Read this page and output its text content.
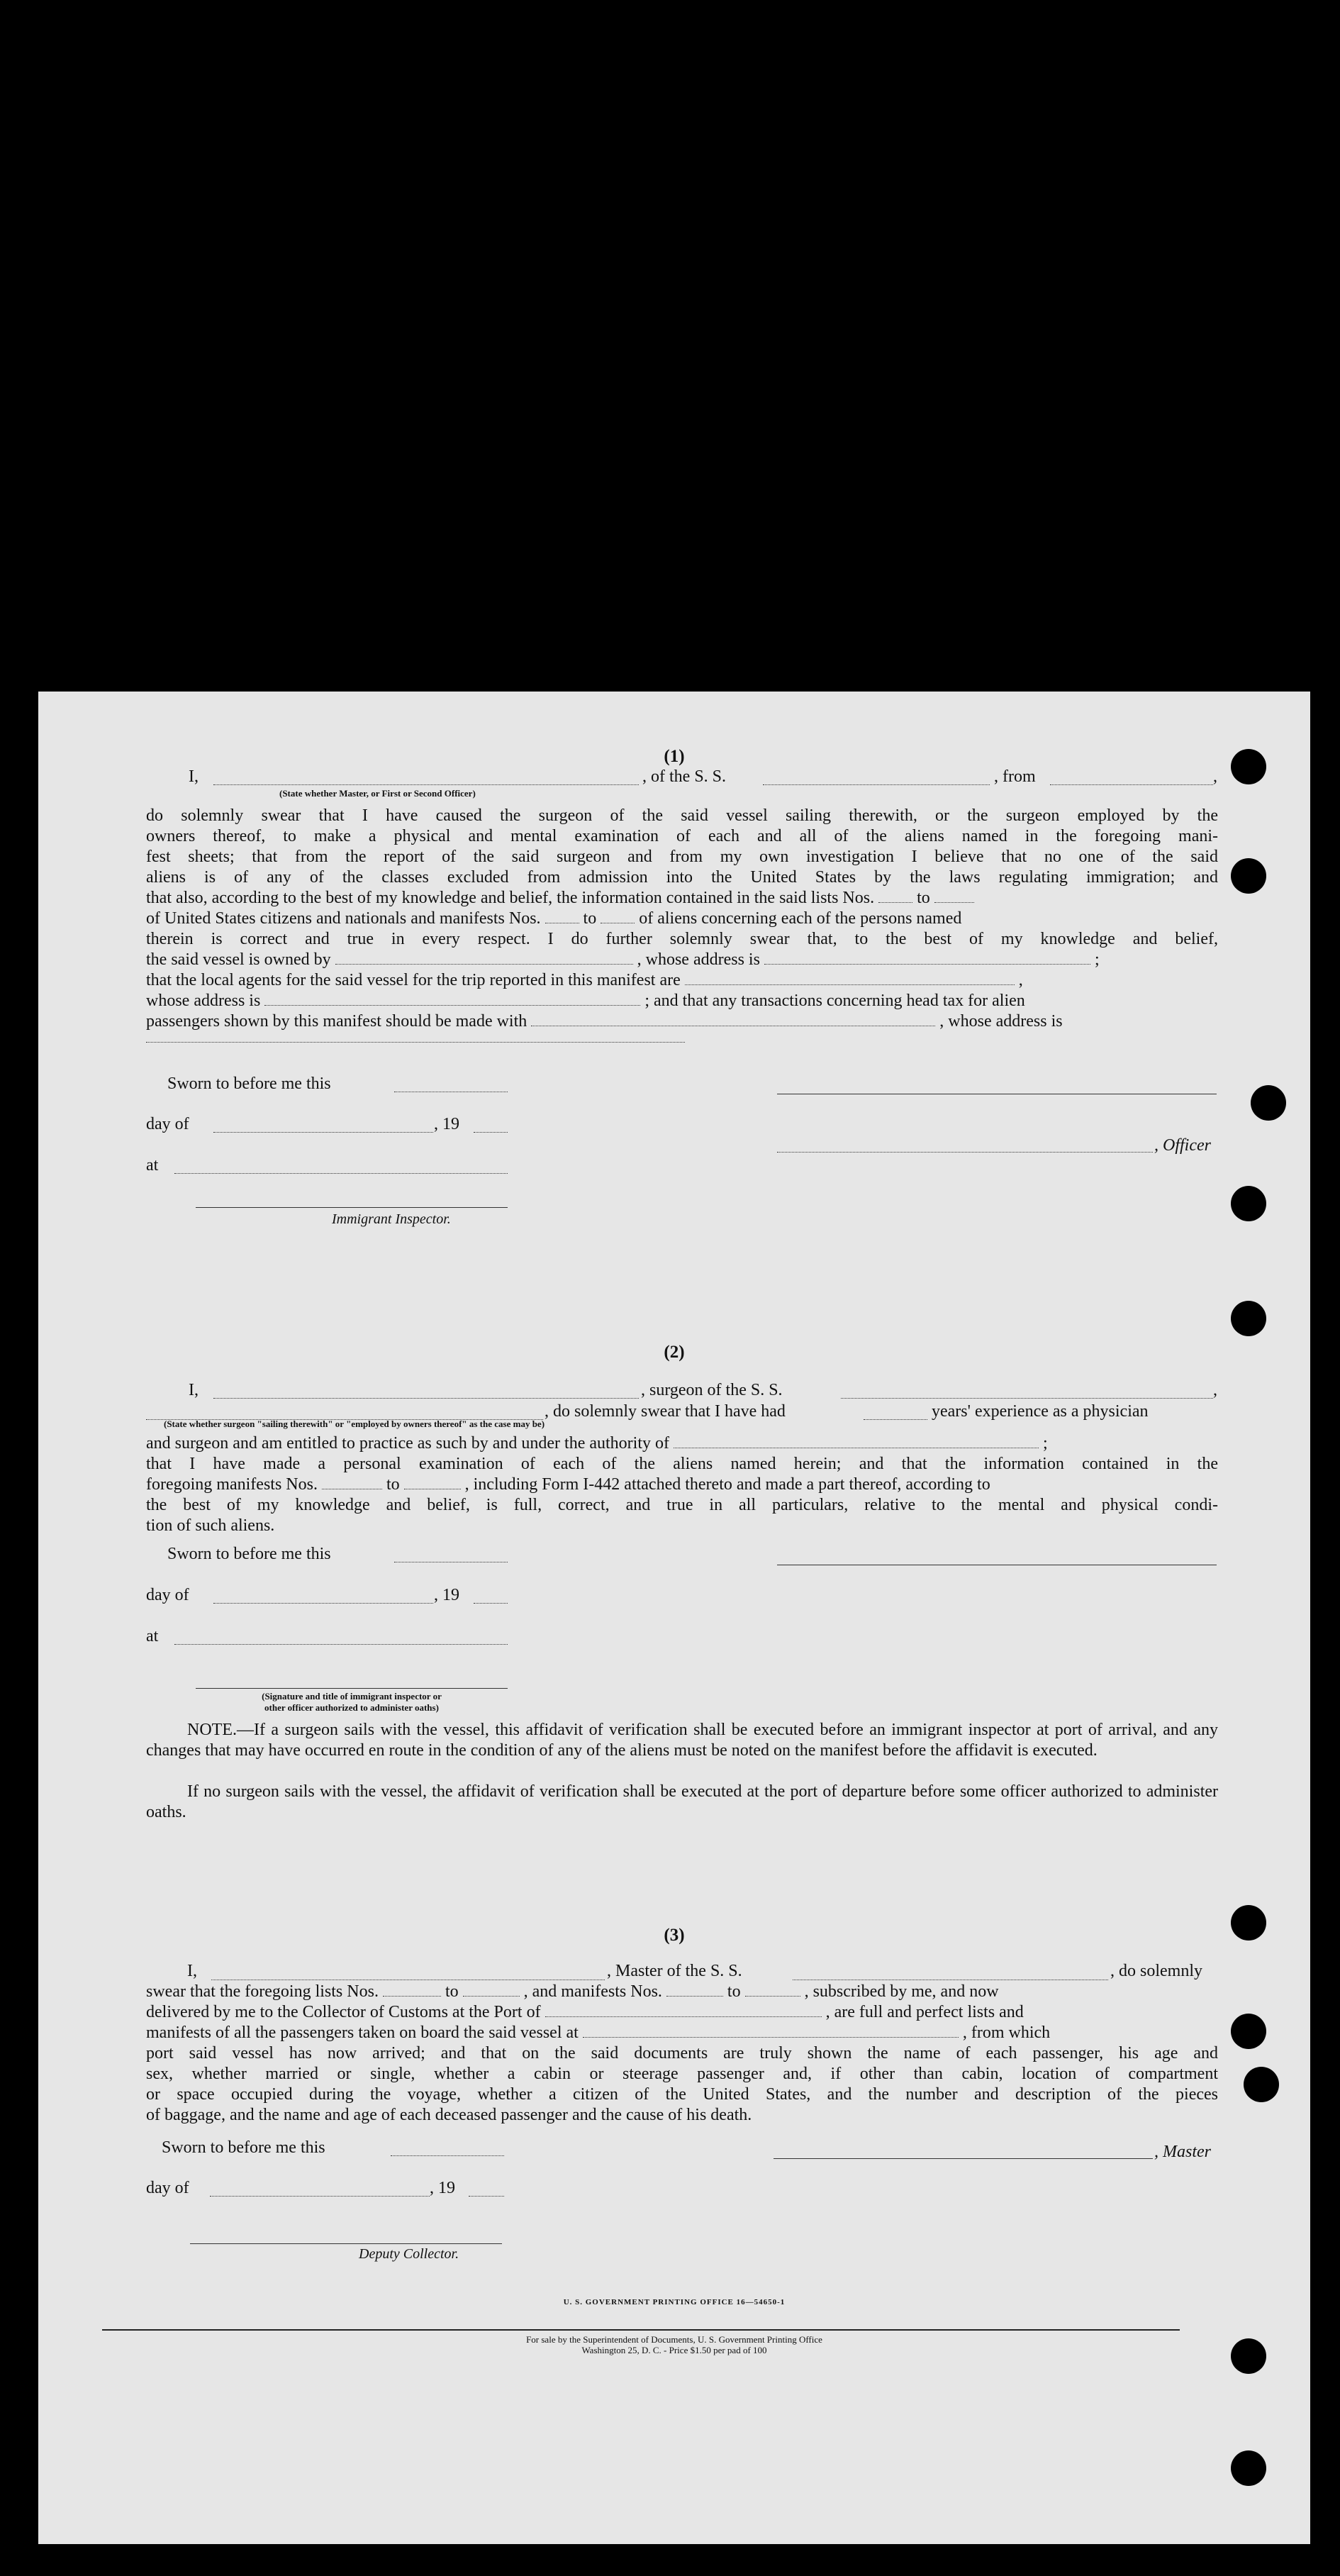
(1)
I,	, of the S. S.	, from	,
(State whether Master, or First or Second Officer)
do solemnly swear that I have caused the surgeon of the said vessel sailing therewith, or the surgeon employed by the
owners thereof, to make a physical and mental examination of each and all of the aliens named in the foregoing mani-
fest sheets; that from the report of the said surgeon and from my own investigation I believe that no one of the said
aliens is of any of the classes excluded from admission into the United States by the laws regulating immigration; and
that also, according to the best of my knowledge and belief, the information contained in the said lists Nos.	to
of United States citizens and nationals and manifests Nos.	to	of aliens concerning each of the persons named
therein is correct and true in every respect. I do further solemnly swear that, to the best of my knowledge and belief,
the said vessel is owned by	, whose address is	;
that the local agents for the said vessel for the trip reported in this manifest are	,
whose address is	; and that any transactions concerning head tax for alien
passengers shown by this manifest should be made with	, whose address is
Sworn to before me this
day of	, 19
, Officer
at
Immigrant Inspector.
(2)
I,	, surgeon of the S. S.	,
, do solemnly swear that I have had	years' experience as a physician
(State whether surgeon "sailing therewith" or "employed by owners thereof" as the case may be)
and surgeon and am entitled to practice as such by and under the authority of	;
that I have made a personal examination of each of the aliens named herein; and that the information contained in the
foregoing manifests Nos.	to	, including Form I-442 attached thereto and made a part thereof, according to
the best of my knowledge and belief, is full, correct, and true in all particulars, relative to the mental and physical condi-
tion of such aliens.
Sworn to before me this
day of	, 19
at
(Signature and title of immigrant inspector or
other officer authorized to administer oaths)
NOTE.—If a surgeon sails with the vessel, this affidavit of verification shall be executed before an immigrant inspector at port of arrival, and any changes that may have occurred en route in the condition of any of the aliens must be noted on the manifest before the affidavit is executed.
If no surgeon sails with the vessel, the affidavit of verification shall be executed at the port of departure before some officer authorized to administer oaths.
(3)
I,	, Master of the S. S.	, do solemnly
swear that the foregoing lists Nos.	to	, and manifests Nos.	to	, subscribed by me, and now
delivered by me to the Collector of Customs at the Port of	, are full and perfect lists and
manifests of all the passengers taken on board the said vessel at	, from which
port said vessel has now arrived; and that on the said documents are truly shown the name of each passenger, his age and
sex, whether married or single, whether a cabin or steerage passenger and, if other than cabin, location of compartment
or space occupied during the voyage, whether a citizen of the United States, and the number and description of the pieces
of baggage, and the name and age of each deceased passenger and the cause of his death.
Sworn to before me this	, Master
day of	, 19
Deputy Collector.
U. S. GOVERNMENT PRINTING OFFICE 16—54650-1
For sale by the Superintendent of Documents, U. S. Government Printing Office
Washington 25, D. C. - Price $1.50 per pad of 100
